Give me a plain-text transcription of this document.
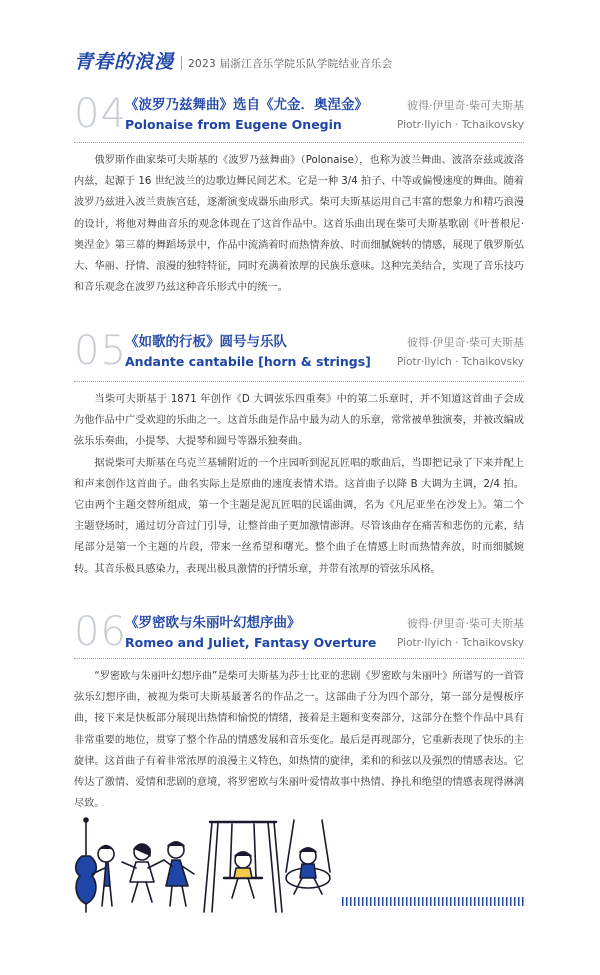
青春的浪漫 2023 届浙江音乐学院乐队学院结业音乐会
04
《波罗乃兹舞曲》选自《尤金．奥涅金》
Polonaise from Eugene Onegin
彼得·伊里奇·柴可夫斯基
Piotr·Ilyich · Tchaikovsky

俄罗斯作曲家柴可夫斯基的《波罗乃兹舞曲》（Polonaise），也称为波兰舞曲、波洛奈兹或波洛内兹，起源于 16 世纪波兰的边歌边舞民间艺术。它是一种 3/4 拍子、中等或偏慢速度的舞曲。随着波罗乃兹进入波兰贵族宫廷，逐渐演变成器乐曲形式。柴可夫斯基运用自己丰富的想象力和精巧浪漫的设计，将他对舞曲音乐的观念体现在了这首作品中。这首乐曲出现在柴可夫斯基歌剧《叶普根尼·奥涅金》第三幕的舞蹈场景中，作品中流淌着时而热情奔放、时而细腻婉转的情感，展现了俄罗斯弘大、华丽、抒情、浪漫的独特特征，同时充满着浓厚的民族乐意味。这种完美结合，实现了音乐技巧和音乐观念在波罗乃兹这种音乐形式中的统一。

05
《如歌的行板》圆号与乐队
Andante cantabile [horn & strings]
彼得·伊里奇·柴可夫斯基
Piotr·Ilyich · Tchaikovsky

当柴可夫斯基于 1871 年创作《D 大调弦乐四重奏》中的第二乐章时，并不知道这首曲子会成为他作品中广受欢迎的乐曲之一。这首乐曲是作品中最为动人的乐章，常常被单独演奏，并被改编成弦乐乐奏曲，小提琴、大提琴和圆号等器乐独奏曲。

据说柴可夫斯基在乌克兰基辅附近的一个庄园听到泥瓦匠唱的歌曲后，当即把记录了下来并配上和声来创作这首曲子。曲名实际上是原曲的速度表情术语。这首曲子以降 B 大调为主调，2/4 拍。它由两个主题交替所组成，第一个主题是泥瓦匠唱的民谣曲调，名为《凡尼亚坐在沙发上》。第二个主题登场时，通过切分音过门引导，让整首曲子更加激情澎湃。尽管该曲存在痛苦和悲伤的元素，结尾部分是第一个主题的片段，带来一丝希望和曙光。整个曲子在情感上时而热情奔放，时而细腻婉转。其音乐极具感染力，表现出极具激情的抒情乐章，并带有浓厚的管弦乐风格。

06
《罗密欧与朱丽叶幻想序曲》
Romeo and Juliet, Fantasy Overture
彼得·伊里奇·柴可夫斯基
Piotr·Ilyich · Tchaikovsky

“罗密欧与朱丽叶幻想序曲”是柴可夫斯基为莎士比亚的悲剧《罗密欧与朱丽叶》所谱写的一首管弦乐幻想序曲，被视为柴可夫斯基最著名的作品之一。这部曲子分为四个部分，第一部分是慢板序曲，接下来是快板部分展现出热情和愉悦的情绪，接着是主题和变奏部分，这部分在整个作品中具有非常重要的地位，贯穿了整个作品的情感发展和音乐变化。最后是再现部分，它重新表现了快乐的主旋律。这首曲子有着非常浓厚的浪漫主义特色，如热情的旋律，柔和的和弦以及强烈的情感表达。它传达了激情、爱情和悲剧的意境，将罗密欧与朱丽叶爱情故事中热情、挣扎和绝望的情感表现得淋漓尽致。
